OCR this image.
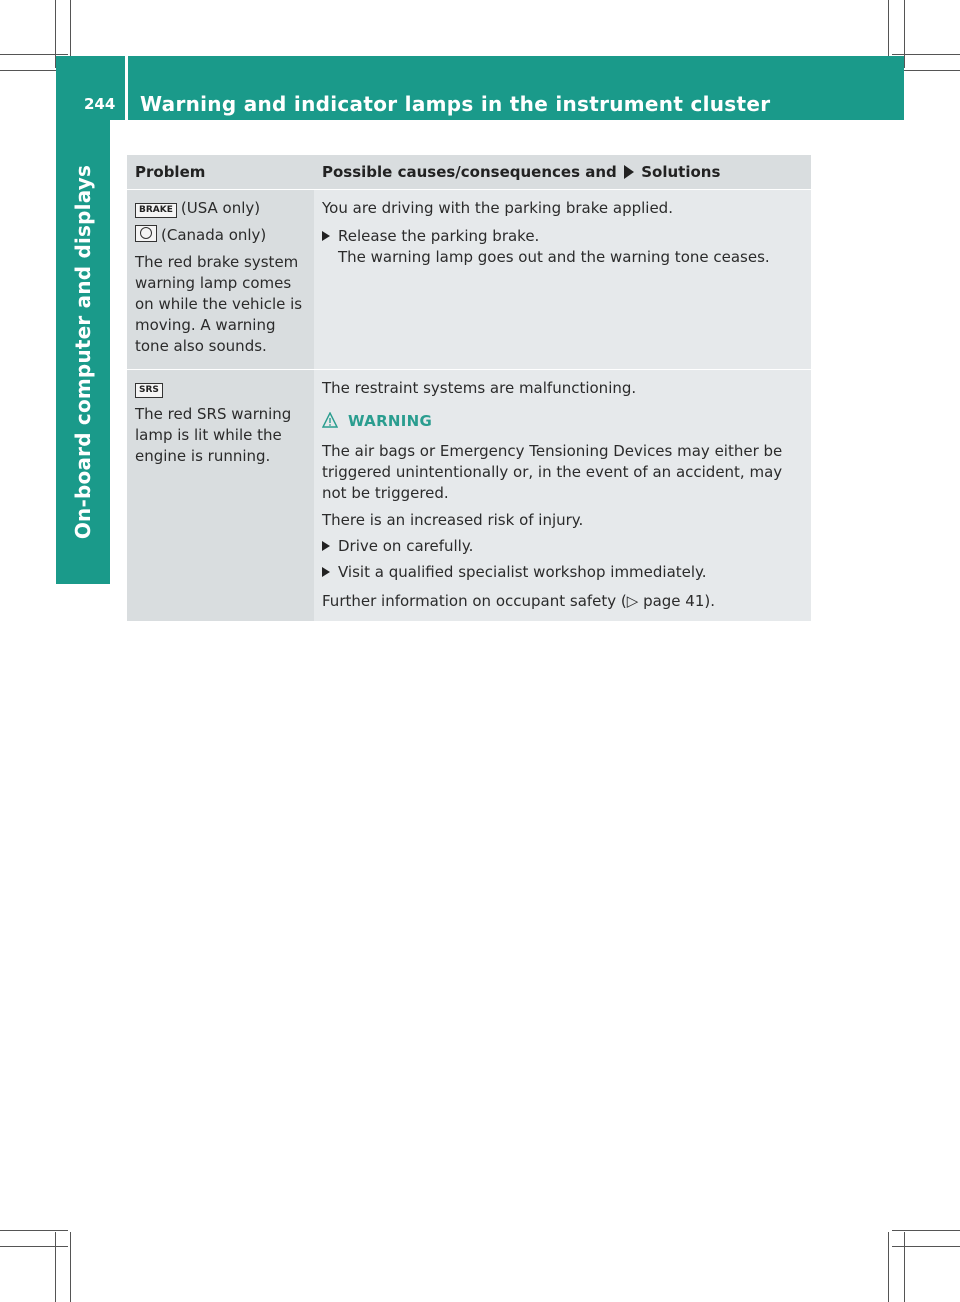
244 Warning and indicator lamps in the instrument cluster
On-board computer and displays	Problem	Possible causes/consequences and Solutions
BRAKE (USA only)
(Canada only)

The red brake system warning lamp comes on while the vehicle is moving. A warning tone also sounds.

You are driving with the parking brake applied.

Release the parking brake.

The warning lamp goes out and the warning tone ceases.

SRS

The red SRS warning lamp is lit while the engine is running.

The restraint systems are malfunctioning.

WARNING

The air bags or Emergency Tensioning Devices may either be triggered unintentionally or, in the event of an accident, may not be triggered.

There is an increased risk of injury.

Drive on carefully.
Visit a qualified specialist workshop immediately.

Further information on occupant safety (▷ page 41).
